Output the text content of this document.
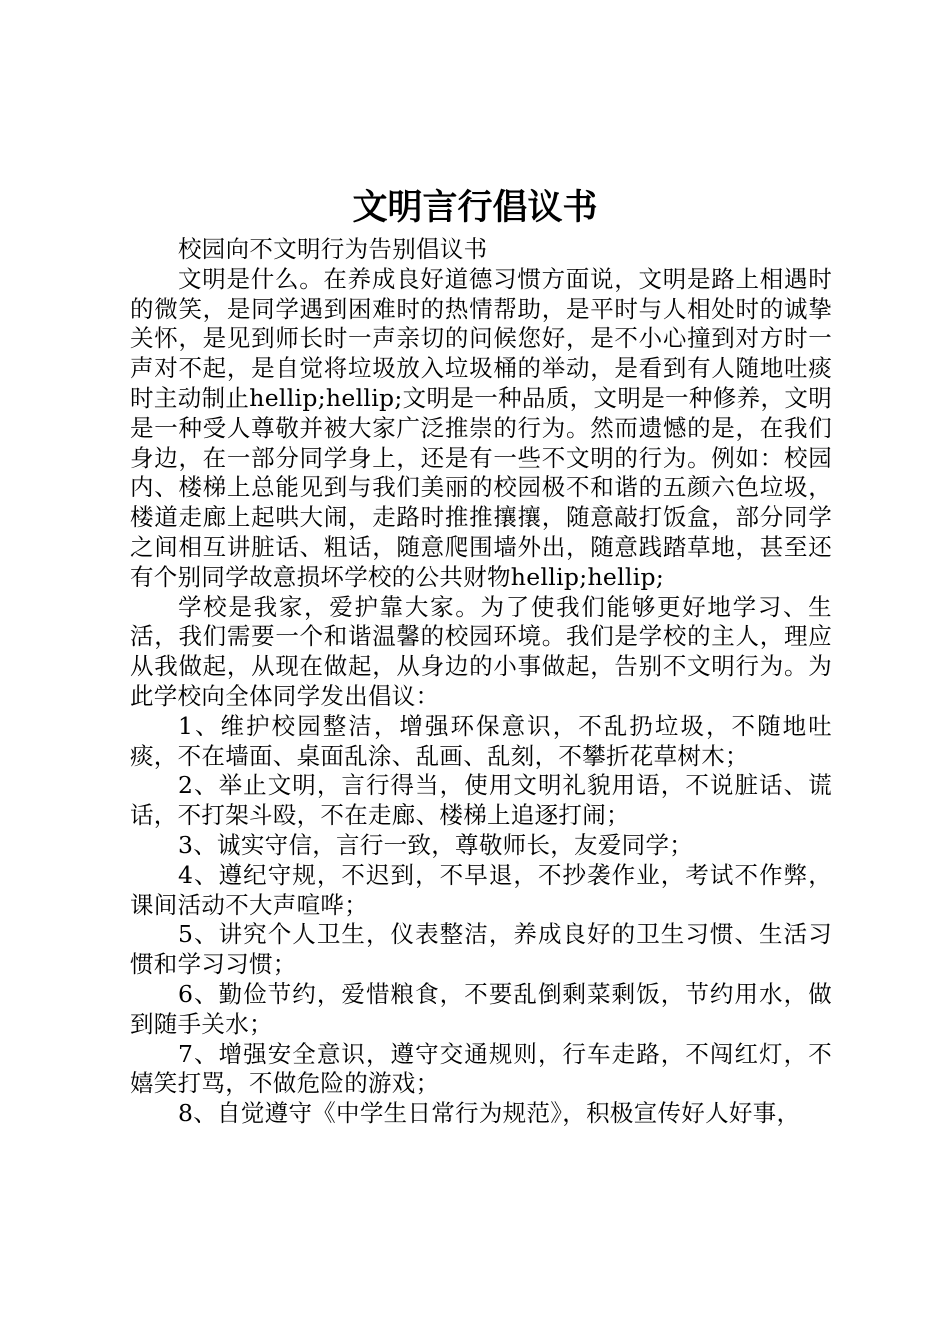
文明言行倡议书

校园向不文明行为告别倡议书

文明是什么。在养成良好道德习惯方面说，文明是路上相遇时的微笑，是同学遇到困难时的热情帮助，是平时与人相处时的诚挚关怀，是见到师长时一声亲切的问候您好，是不小心撞到对方时一声对不起，是自觉将垃圾放入垃圾桶的举动，是看到有人随地吐痰时主动制止hellip;hellip;文明是一种品质，文明是一种修养，文明是一种受人尊敬并被大家广泛推崇的行为。然而遗憾的是，在我们身边，在一部分同学身上，还是有一些不文明的行为。例如：校园内、楼梯上总能见到与我们美丽的校园极不和谐的五颜六色垃圾，楼道走廊上起哄大闹，走路时推推攘攘，随意敲打饭盒，部分同学之间相互讲脏话、粗话，随意爬围墙外出，随意践踏草地，甚至还有个别同学故意损坏学校的公共财物hellip;hellip;

学校是我家，爱护靠大家。为了使我们能够更好地学习、生活，我们需要一个和谐温馨的校园环境。我们是学校的主人，理应从我做起，从现在做起，从身边的小事做起，告别不文明行为。为此学校向全体同学发出倡议：

1、维护校园整洁，增强环保意识，不乱扔垃圾，不随地吐痰，不在墙面、桌面乱涂、乱画、乱刻，不攀折花草树木；

2、举止文明，言行得当，使用文明礼貌用语，不说脏话、谎话，不打架斗殴，不在走廊、楼梯上追逐打闹；

3、诚实守信，言行一致，尊敬师长，友爱同学；

4、遵纪守规，不迟到，不早退，不抄袭作业，考试不作弊，课间活动不大声喧哗；

5、讲究个人卫生，仪表整洁，养成良好的卫生习惯、生活习惯和学习习惯；

6、勤俭节约，爱惜粮食，不要乱倒剩菜剩饭，节约用水，做到随手关水；

7、增强安全意识，遵守交通规则，行车走路，不闯红灯，不嬉笑打骂，不做危险的游戏；

8、自觉遵守《中学生日常行为规范》，积极宣传好人好事，
